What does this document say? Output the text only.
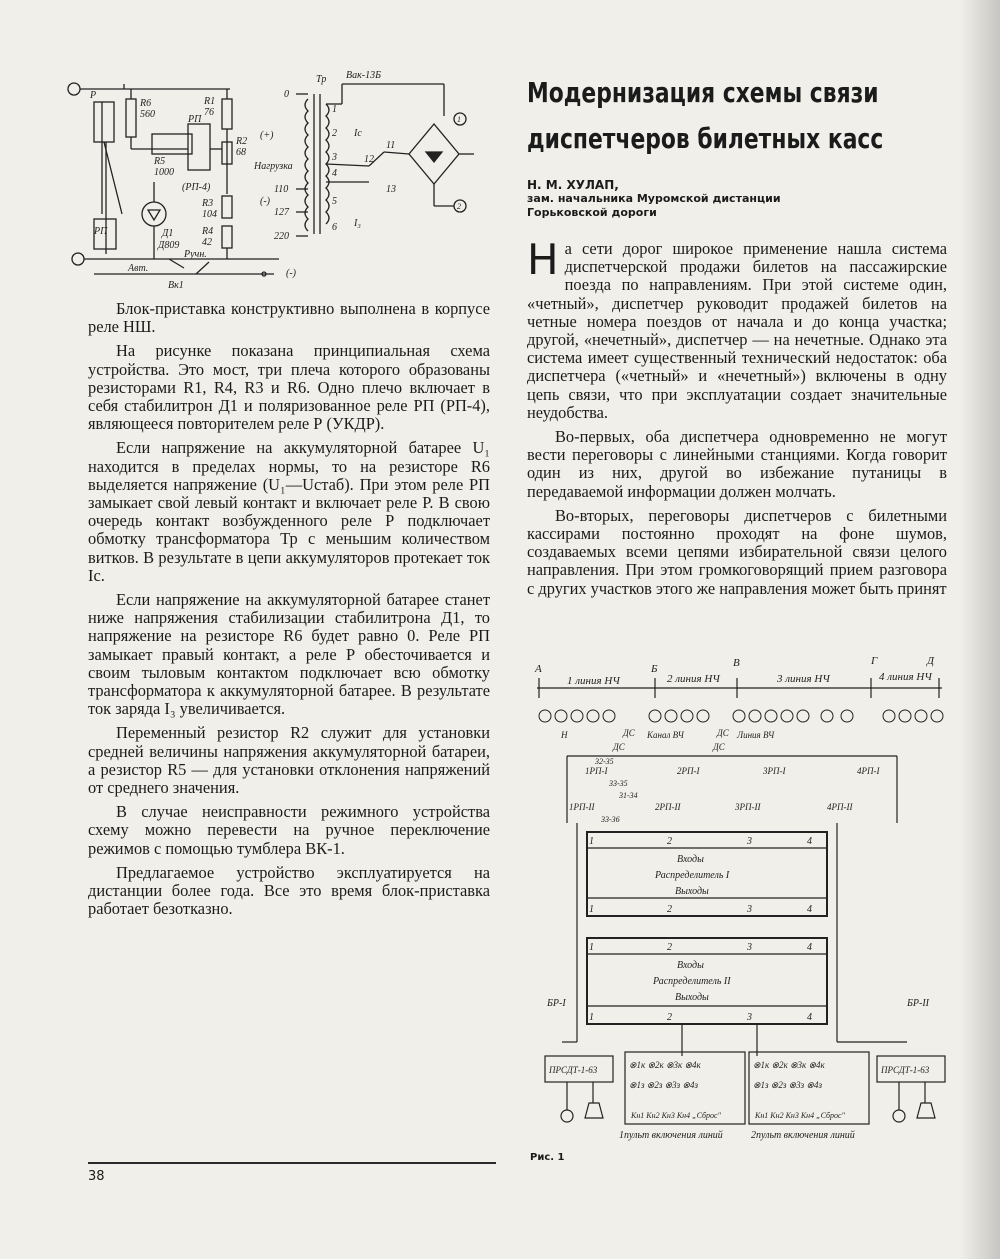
Тр Вак-13Б
Р
R6
560
R1
76
РП
R2
68
R5
1000
(РП-4)
R3
104
R4
42
Д1
Д809
РП
Нагрузка
(+)
(-)
(-)
0
110
127
220
Ручн.
Авт.
Вк1
Iс
I₃
1
2
3
4
5
6
11
12
13
1
2

Блок-приставка конструктивно выполнена в корпусе реле НШ.

На рисунке показана принципиальная схема устройства. Это мост, три плеча которого образованы резисторами R1, R4, R3 и R6. Одно плечо включает в себя стабилитрон Д1 и поляризованное реле РП (РП-4), являющееся повторителем реле Р (УКДР).

Если напряжение на аккумуляторной батарее U₁ находится в пределах нормы, то на резисторе R6 выделяется напряжение (U₁—Uстаб). При этом реле РП замыкает свой левый контакт и включает реле Р. В свою очередь контакт возбужденного реле Р подключает обмотку трансформатора Тр с меньшим количеством витков. В результате в цепи аккумуляторов протекает ток Iс.

Если напряжение на аккумуляторной батарее станет ниже напряжения стабилизации стабилитрона Д1, то напряжение на резисторе R6 будет равно 0. Реле РП замыкает правый контакт, а реле Р обесточивается и своим тыловым контактом подключает всю обмотку трансформатора к аккумуляторной батарее. В результате ток заряда I₃ увеличивается.

Переменный резистор R2 служит для установки средней величины напряжения аккумуляторной батареи, а резистор R5 — для установки отклонения напряжений от среднего значения.

В случае неисправности режимного устройства схему можно перевести на ручное переключение режимов с помощью тумблера ВК-1.

Предлагаемое устройство эксплуатируется на дистанции более года. Все это время блок-приставка работает безотказно.

Модернизация схемы связи
диспетчеров билетных касс
Н. М. ХУЛАП,
зам. начальника Муромской дистанции
Горьковской дороги

На сети дорог широкое применение нашла система диспетчерской продажи билетов на пассажирские поезда по направлениям. При этой системе один, «четный», диспетчер руководит продажей билетов на четные номера поездов от начала и до конца участка; другой, «нечетный», диспетчер — на нечетные. Однако эта система имеет существенный технический недостаток: оба диспетчера («четный» и «нечетный») включены в одну цепь связи, что при эксплуатации создает значительные неудобства.

Во-первых, оба диспетчера одновременно не могут вести переговоры с линейными станциями. Когда говорит один из них, другой во избежание путаницы в передаваемой информации должен молчать.

Во-вторых, переговоры диспетчеров с билетными кассирами постоянно проходят на фоне шумов, создаваемых всеми цепями избирательной связи целого направления. При этом громкоговорящий прием разговора с других участков этого же направления может быть принят

А	Б	В	Г	Д
1 линия НЧ	2 линия НЧ	3 линия НЧ	4 линия НЧ
ДС	ДС
ДС	ДС
Канал ВЧ	Линия ВЧ
Н
1РП-I	2РП-I	3РП-I	4РП-I
1РП-II	2РП-II	3РП-II	4РП-II
32-35
33-35
31-34
33-36
1	2	3	4
Входы
Распределитель I
Выходы
1	2	3	4
1	2	3	4
Входы
Распределитель II
Выходы
1	2	3	4
БР-I	БР-II
ПРСДТ-1-63	ПРСДТ-1-63
⊗1к ⊗2к ⊗3к ⊗4к	⊗1к ⊗2к ⊗3к ⊗4к
⊗1з ⊗2з ⊗3з ⊗4з	⊗1з ⊗2з ⊗3з ⊗4з
Кн1 Кн2 Кн3 Кн4 „Сброс"	Кн1 Кн2 Кн3 Кн4 „Сброс"
1пульт включения линий	2пульт включения линий
Рис. 1
38
